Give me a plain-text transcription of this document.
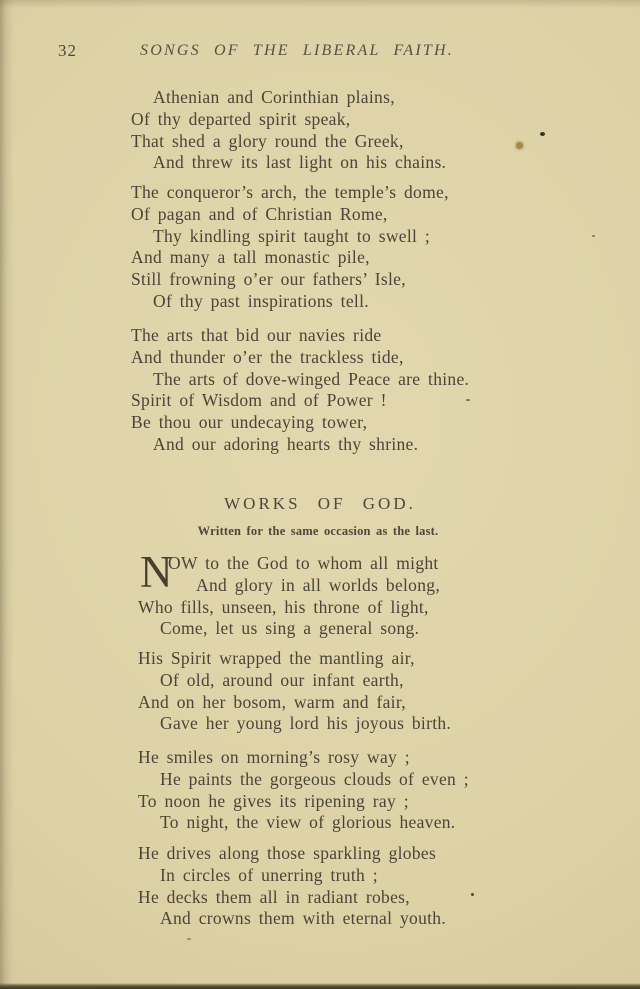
32	SONGS OF THE LIBERAL FAITH.
Athenian and Corinthian plains,
Of thy departed spirit speak,
That shed a glory round the Greek,
And threw its last light on his chains.
The conqueror’s arch, the temple’s dome,
Of pagan and of Christian Rome,
Thy kindling spirit taught to swell ;
And many a tall monastic pile,
Still frowning o’er our fathers’ Isle,
Of thy past inspirations tell.
The arts that bid our navies ride
And thunder o’er the trackless tide,
The arts of dove-winged Peace are thine.
Spirit of Wisdom and of Power !
Be thou our undecaying tower,
And our adoring hearts thy shrine.
WORKS OF GOD.
Written for the same occasion as the last.
N
OW to the God to whom all might
And glory in all worlds belong,
Who fills, unseen, his throne of light,
Come, let us sing a general song.
His Spirit wrapped the mantling air,
Of old, around our infant earth,
And on her bosom, warm and fair,
Gave her young lord his joyous birth.
He smiles on morning’s rosy way ;
He paints the gorgeous clouds of even ;
To noon he gives its ripening ray ;
To night, the view of glorious heaven.
He drives along those sparkling globes
In circles of unerring truth ;
He decks them all in radiant robes,
And crowns them with eternal youth.
